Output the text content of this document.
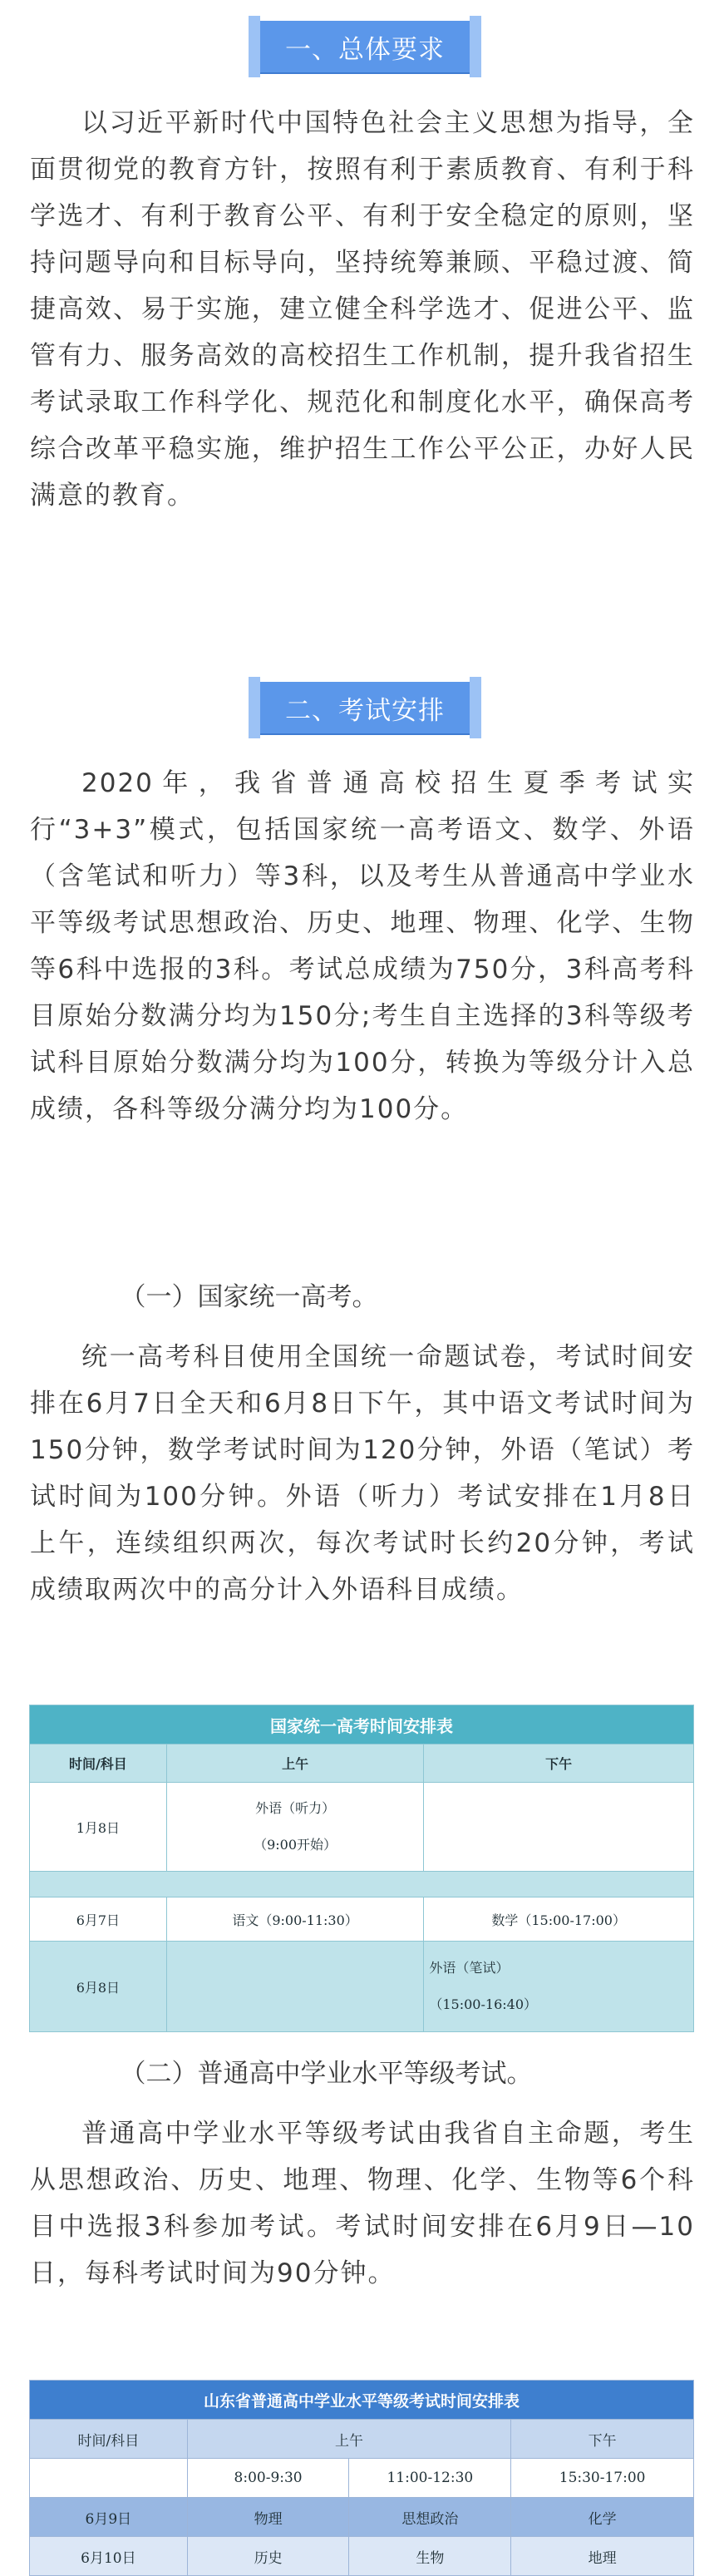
一、总体要求

以习近平新时代中国特色社会主义思想为指导，全面贯彻党的教育方针，按照有利于素质教育、有利于科学选才、有利于教育公平、有利于安全稳定的原则，坚持问题导向和目标导向，坚持统筹兼顾、平稳过渡、简捷高效、易于实施，建立健全科学选才、促进公平、监管有力、服务高效的高校招生工作机制，提升我省招生考试录取工作科学化、规范化和制度化水平，确保高考综合改革平稳实施，维护招生工作公平公正，办好人民满意的教育。

二、考试安排

2020年，我省普通高校招生夏季考试实行“3+3”模式，包括国家统一高考语文、数学、外语（含笔试和听力）等3科，以及考生从普通高中学业水平等级考试思想政治、历史、地理、物理、化学、生物等6科中选报的3科。考试总成绩为750分，3科高考科目原始分数满分均为150分;考生自主选择的3科等级考试科目原始分数满分均为100分，转换为等级分计入总成绩，各科等级分满分均为100分。

（一）国家统一高考。

统一高考科目使用全国统一命题试卷，考试时间安排在6月7日全天和6月8日下午，其中语文考试时间为150分钟，数学考试时间为120分钟，外语（笔试）考试时间为100分钟。外语（听力）考试安排在1月8日上午，连续组织两次，每次考试时长约20分钟，考试成绩取两次中的高分计入外语科目成绩。

国家统一高考时间安排表		
时间/科目	上午	下午
1月8日	外语（听力）
（9:00开始）	

6月7日	语文（9:00-11:30）	数学（15:00-17:00）
6月8日		外语（笔试）
（15:00-16:40）

（二）普通高中学业水平等级考试。

普通高中学业水平等级考试由我省自主命题，考生从思想政治、历史、地理、物理、化学、生物等6个科目中选报3科参加考试。考试时间安排在6月9日—10日，每科考试时间为90分钟。

山东省普通高中学业水平等级考试时间安排表			
时间/科目	上午		下午
	8:00-9:30	11:00-12:30	15:30-17:00
6月9日	物理	思想政治	化学
6月10日	历史	生物	地理
